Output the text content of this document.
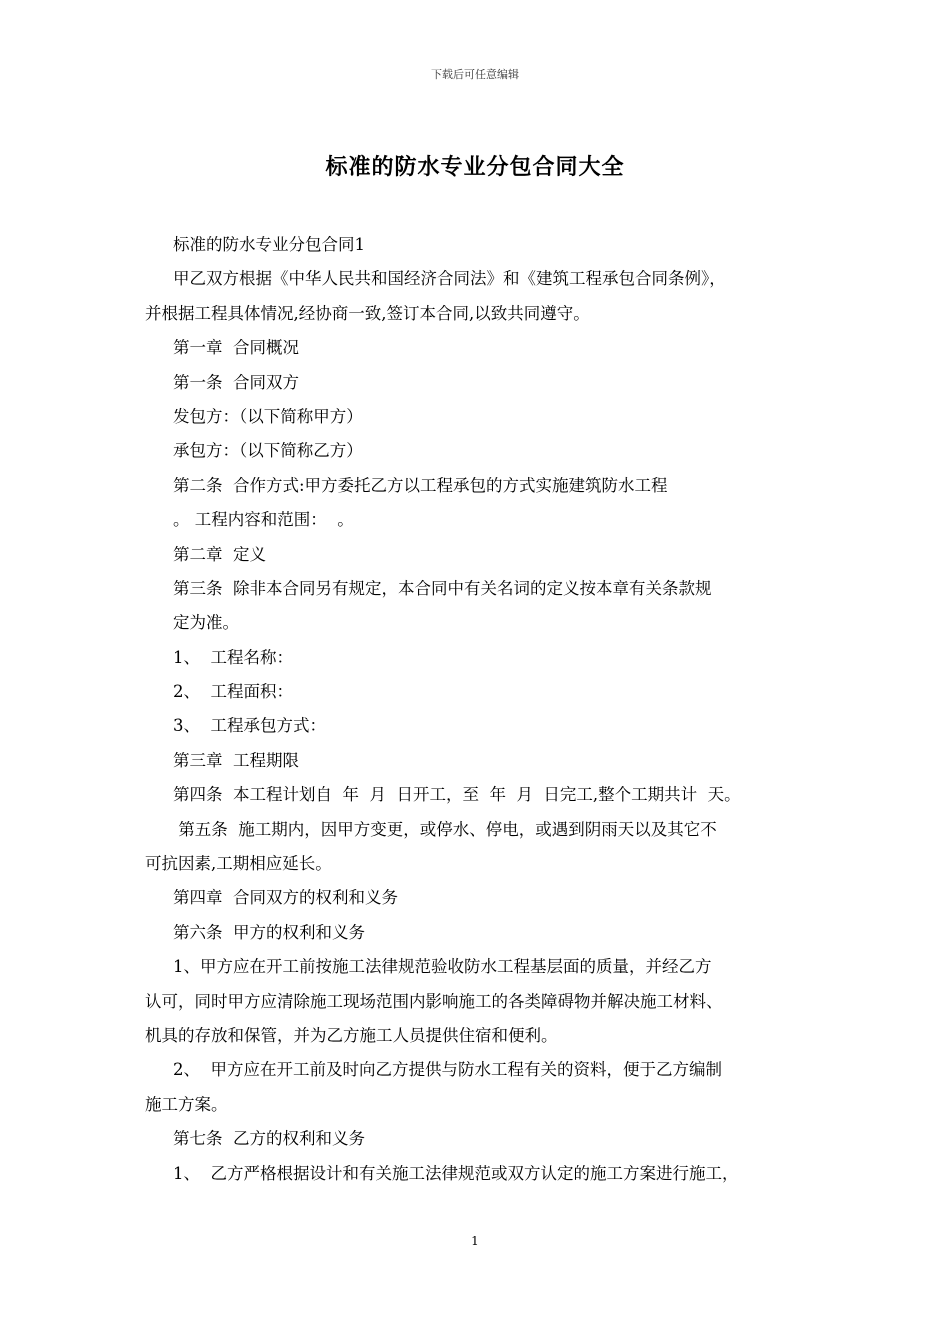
下载后可任意编辑
标准的防水专业分包合同大全
标准的防水专业分包合同1
甲乙双方根据《中华人民共和国经济合同法》和《建筑工程承包合同条例》，
并根据工程具体情况,经协商一致,签订本合同,以致共同遵守。
第一章  合同概况
第一条  合同双方
发包方：（以下简称甲方）
承包方：（以下简称乙方）
第二条  合作方式:甲方委托乙方以工程承包的方式实施建筑防水工程
。 工程内容和范围：  。
第二章  定义
第三条  除非本合同另有规定，本合同中有关名词的定义按本章有关条款规
定为准。
1、  工程名称：
2、  工程面积：
3、  工程承包方式：
第三章  工程期限
第四条  本工程计划自  年  月  日开工，至  年  月  日完工,整个工期共计  天。
第五条  施工期内，因甲方变更，或停水、停电，或遇到阴雨天以及其它不
可抗因素,工期相应延长。
第四章  合同双方的权利和义务
第六条  甲方的权利和义务
1、甲方应在开工前按施工法律规范验收防水工程基层面的质量，并经乙方
认可，同时甲方应清除施工现场范围内影响施工的各类障碍物并解决施工材料、
机具的存放和保管，并为乙方施工人员提供住宿和便利。
2、  甲方应在开工前及时向乙方提供与防水工程有关的资料，便于乙方编制
施工方案。
第七条  乙方的权利和义务
1、  乙方严格根据设计和有关施工法律规范或双方认定的施工方案进行施工，
1
